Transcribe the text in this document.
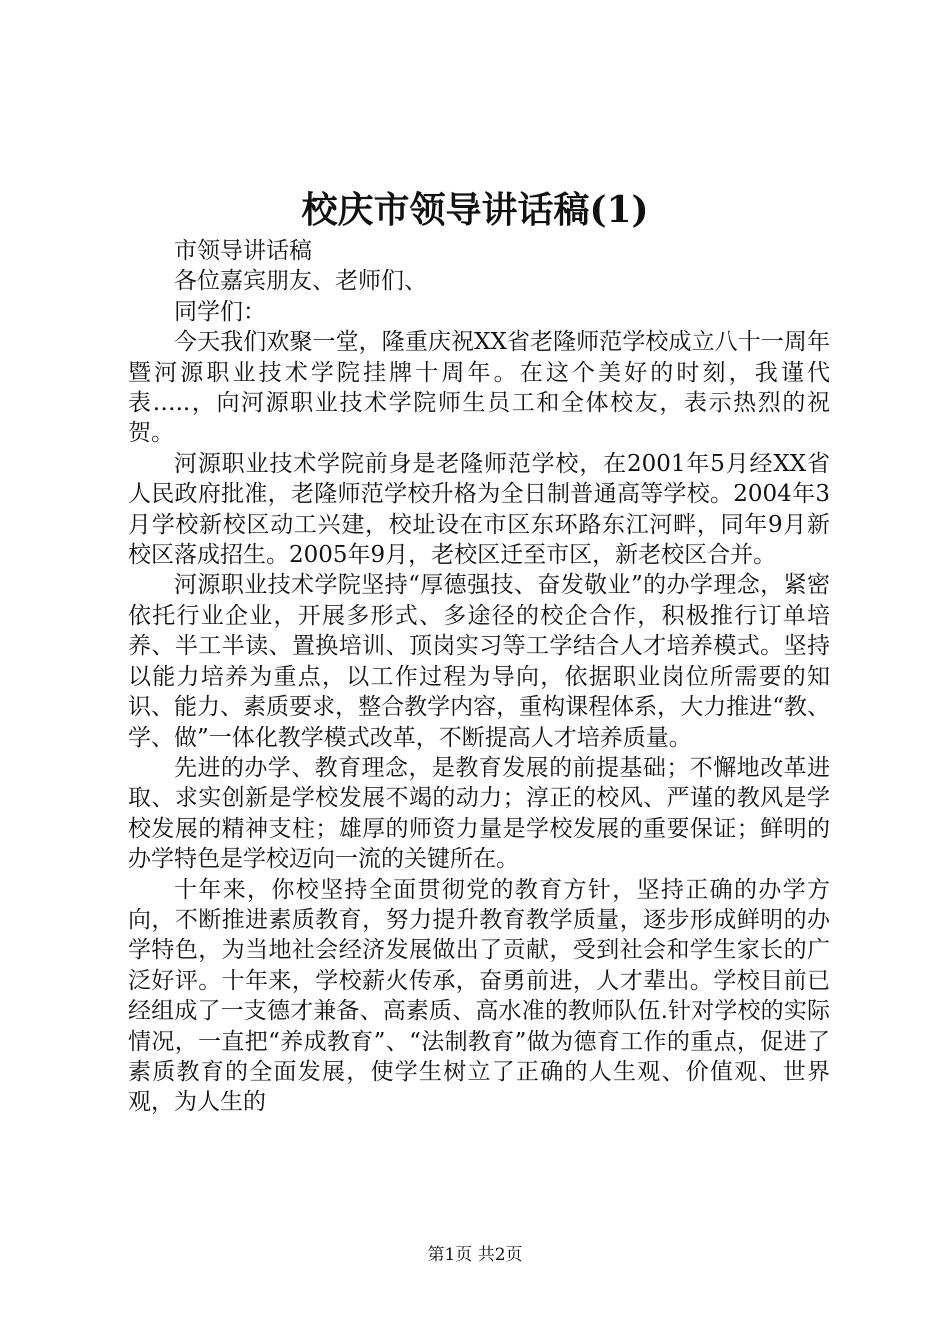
校庆市领导讲话稿(1)

市领导讲话稿

各位嘉宾朋友、老师们、

同学们：

今天我们欢聚一堂，隆重庆祝XX省老隆师范学校成立八十一周年暨河源职业技术学院挂牌十周年。在这个美好的时刻，我谨代表…..，向河源职业技术学院师生员工和全体校友，表示热烈的祝贺。

河源职业技术学院前身是老隆师范学校，在2001年5月经XX省人民政府批准，老隆师范学校升格为全日制普通高等学校。2004年3月学校新校区动工兴建，校址设在市区东环路东江河畔，同年9月新校区落成招生。2005年9月，老校区迁至市区，新老校区合并。

河源职业技术学院坚持“厚德强技、奋发敬业”的办学理念，紧密依托行业企业，开展多形式、多途径的校企合作，积极推行订单培养、半工半读、置换培训、顶岗实习等工学结合人才培养模式。坚持以能力培养为重点，以工作过程为导向，依据职业岗位所需要的知识、能力、素质要求，整合教学内容，重构课程体系，大力推进“教、学、做”一体化教学模式改革，不断提高人才培养质量。

先进的办学、教育理念，是教育发展的前提基础；不懈地改革进取、求实创新是学校发展不竭的动力；淳正的校风、严谨的教风是学校发展的精神支柱；雄厚的师资力量是学校发展的重要保证；鲜明的办学特色是学校迈向一流的关键所在。

十年来，你校坚持全面贯彻党的教育方针，坚持正确的办学方向，不断推进素质教育，努力提升教育教学质量，逐步形成鲜明的办学特色，为当地社会经济发展做出了贡献，受到社会和学生家长的广泛好评。十年来，学校薪火传承，奋勇前进，人才辈出。学校目前已经组成了一支德才兼备、高素质、高水准的教师队伍.针对学校的实际情况，一直把“养成教育”、“法制教育”做为德育工作的重点，促进了素质教育的全面发展，使学生树立了正确的人生观、价值观、世界观，为人生的

第1页 共2页
